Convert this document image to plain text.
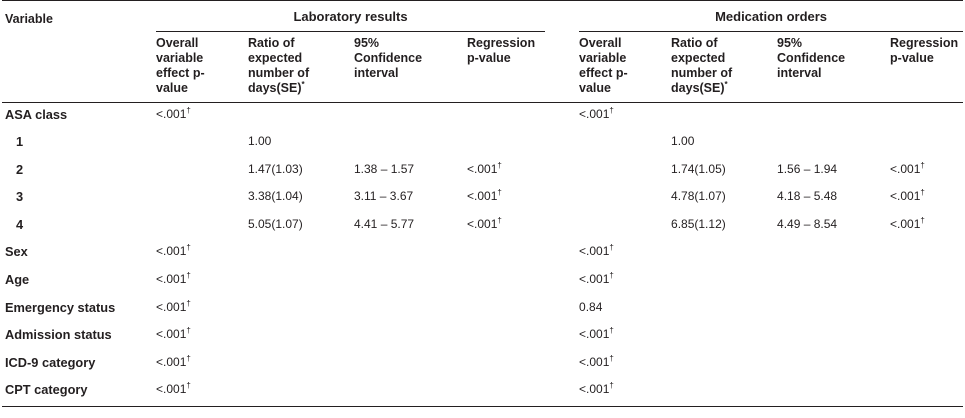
	Laboratory results					Medication orders			
Variable	Overall variable effect p-value	Ratio of expected number of days(SE)*	95% Confidence interval	Regression p-value		Overall variable effect p-value	Ratio of expected number of days(SE)*	95% Confidence interval	Regression p-value
ASA class	<.001†					<.001†			
1		1.00					1.00		
2		1.47(1.03)	1.38 – 1.57	<.001†			1.74(1.05)	1.56 – 1.94	<.001†
3		3.38(1.04)	3.11 – 3.67	<.001†			4.78(1.07)	4.18 – 5.48	<.001†
4		5.05(1.07)	4.41 – 5.77	<.001†			6.85(1.12)	4.49 – 8.54	<.001†
Sex	<.001†					<.001†			
Age	<.001†					<.001†			
Emergency status	<.001†					0.84			
Admission status	<.001†					<.001†			
ICD-9 category	<.001†					<.001†			
CPT category	<.001†					<.001†			
